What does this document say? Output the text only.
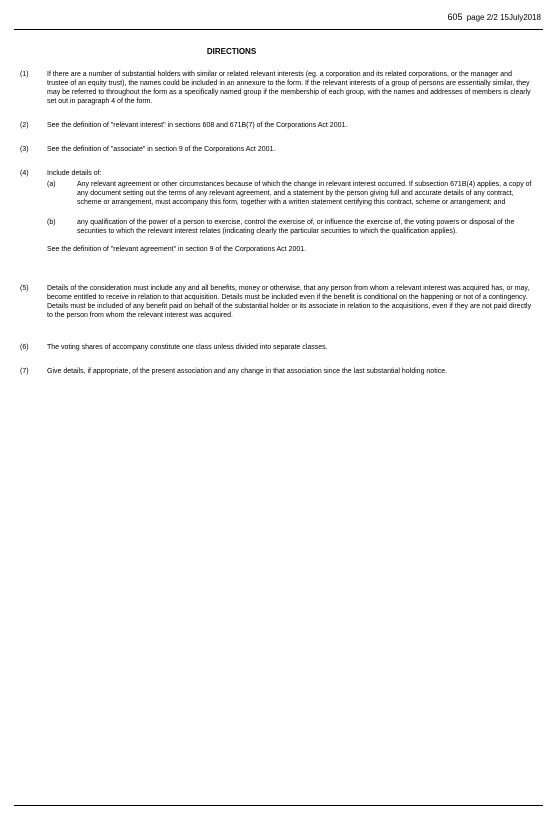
605 page 2/2 15July2018
DIRECTIONS
(1)	If there are a number of substantial holders with similar or related relevant interests (eg. a corporation and its related corporations, or the manager and trustee of an equity trust), the names could be included in an annexure to the form. If the relevant interests of a group of persons are essentially similar, they may be referred to throughout the form as a specifically named group if the membership of each group, with the names and addresses of members is clearly set out in paragraph 4 of the form.
(2)	See the definition of "relevant interest" in sections 608 and 671B(7) of the Corporations Act 2001.
(3)	See the definition of "associate" in section 9 of the Corporations Act 2001.
(4)	Include details of:

(a)	Any relevant agreement or other circumstances because of which the change in relevant interest occurred. If subsection 671B(4) applies, a copy of any document setting out the terms of any relevant agreement, and a statement by the person giving full and accurate details of any contract, scheme or arrangement, must accompany this form, together with a written statement certifying this contract, scheme or arrangement; and
(b)	any qualification of the power of a person to exercise, control the exercise of, or influence the exercise of, the voting powers or disposal of the securities to which the relevant interest relates (indicating clearly the particular securities to which the qualification applies).

See the definition of "relevant agreement" in section 9 of the Corporations Act 2001.

(5)	Details of the consideration must include any and all benefits, money or otherwise, that any person from whom a relevant interest was acquired has, or may, become entitled to receive in relation to that acquisition. Details must be included even if the benefit is conditional on the happening or not of a contingency. Details must be included of any benefit paid on behalf of the substantial holder or its associate in relation to the acquisitions, even if they are not paid directly to the person from whom the relevant interest was acquired.
(6)	The voting shares of accompany constitute one class unless divided into separate classes.
(7)	Give details, if appropriate, of the present association and any change in that association since the last substantial holding notice.
